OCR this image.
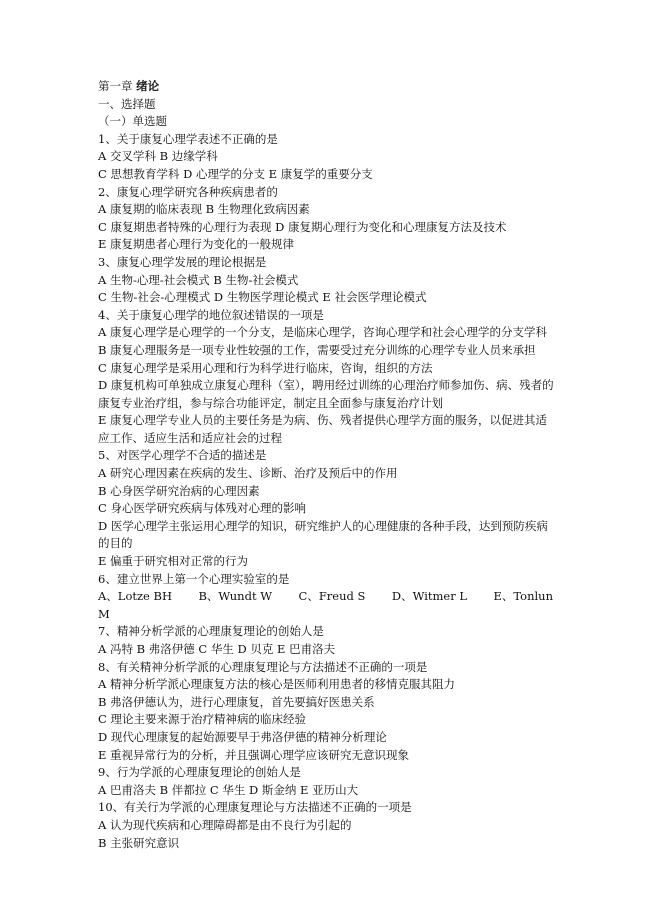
第一章 绪论

一、选择题

（一）单选题

1、关于康复心理学表述不正确的是

A 交叉学科 B 边缘学科

C 思想教育学科 D 心理学的分支 E 康复学的重要分支

2、康复心理学研究各种疾病患者的

A 康复期的临床表现 B 生物理化致病因素

C 康复期患者特殊的心理行为表现 D 康复期心理行为变化和心理康复方法及技术

E 康复期患者心理行为变化的一般规律

3、康复心理学发展的理论根据是

A 生物-心理-社会模式 B 生物-社会模式

C 生物-社会-心理模式 D 生物医学理论模式 E 社会医学理论模式

4、关于康复心理学的地位叙述错误的一项是

A 康复心理学是心理学的一个分支，是临床心理学，咨询心理学和社会心理学的分支学科

B 康复心理服务是一项专业性较强的工作，需要受过充分训练的心理学专业人员来承担

C 康复心理学是采用心理和行为科学进行临床，咨询，组织的方法

D 康复机构可单独成立康复心理科（室），聘用经过训练的心理治疗师参加伤、病、残者的康复专业治疗组，参与综合功能评定，制定且全面参与康复治疗计划

E 康复心理学专业人员的主要任务是为病、伤、残者提供心理学方面的服务，以促进其适应工作、适应生活和适应社会的过程

5、对医学心理学不合适的描述是

A 研究心理因素在疾病的发生、诊断、治疗及预后中的作用

B 心身医学研究治病的心理因素

C 身心医学研究疾病与体残对心理的影响

D 医学心理学主张运用心理学的知识，研究维护人的心理健康的各种手段，达到预防疾病的目的

E 偏重于研究相对正常的行为

6、建立世界上第一个心理实验室的是

A、Lotze BH B、Wundt W C、Freud S D、Witmer L E、Tonlun

M

7、精神分析学派的心理康复理论的创始人是

A 冯特 B 弗洛伊德 C 华生 D 贝克 E 巴甫洛夫

8、有关精神分析学派的心理康复理论与方法描述不正确的一项是

A 精神分析学派心理康复方法的核心是医师利用患者的移情克服其阻力

B 弗洛伊德认为，进行心理康复，首先要搞好医患关系

C 理论主要来源于治疗精神病的临床经验

D 现代心理康复的起始源要早于弗洛伊德的精神分析理论

E 重视异常行为的分析，并且强调心理学应该研究无意识现象

9、行为学派的心理康复理论的创始人是

A 巴甫洛夫 B 伴都拉 C 华生 D 斯金纳 E 亚历山大

10、有关行为学派的心理康复理论与方法描述不正确的一项是

A 认为现代疾病和心理障碍都是由不良行为引起的

B 主张研究意识
